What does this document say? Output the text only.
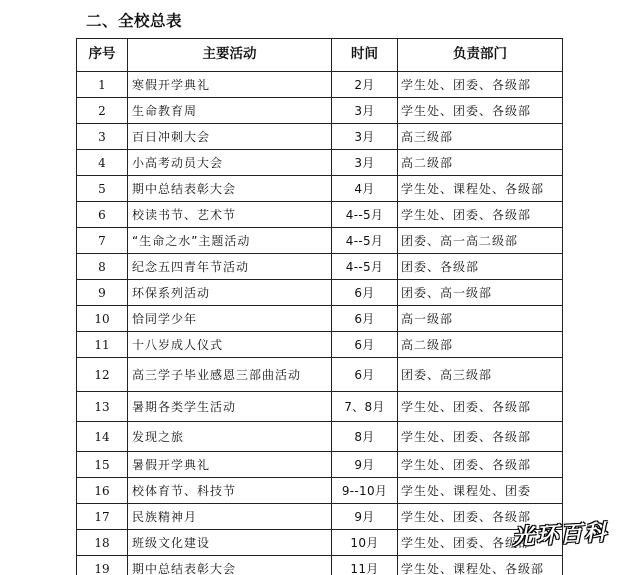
二、全校总表
序号	主要活动	时间	负责部门
1	寒假开学典礼	2月	学生处、团委、各级部
2	生命教育周	3月	学生处、团委、各级部
3	百日冲刺大会	3月	高三级部
4	小高考动员大会	3月	高二级部
5	期中总结表彰大会	4月	学生处、课程处、各级部
6	校读书节、艺术节	4--5月	学生处、团委、各级部
7	“生命之水”主题活动	4--5月	团委、高一高二级部
8	纪念五四青年节活动	4--5月	团委、各级部
9	环保系列活动	6月	团委、高一级部
10	恰同学少年	6月	高一级部
11	十八岁成人仪式	6月	高二级部
12	高三学子毕业感恩三部曲活动	6月	团委、高三级部
13	暑期各类学生活动	7、8月	学生处、团委、各级部
14	发现之旅	8月	学生处、团委、各级部
15	暑假开学典礼	9月	学生处、团委、各级部
16	校体育节、科技节	9--10月	学生处、课程处、团委
17	民族精神月	9月	学生处、团委、各级部
18	班级文化建设	10月	学生处、团委、各级部
19	期中总结表彰大会	11月	学生处、课程处、各级部
光环百科
